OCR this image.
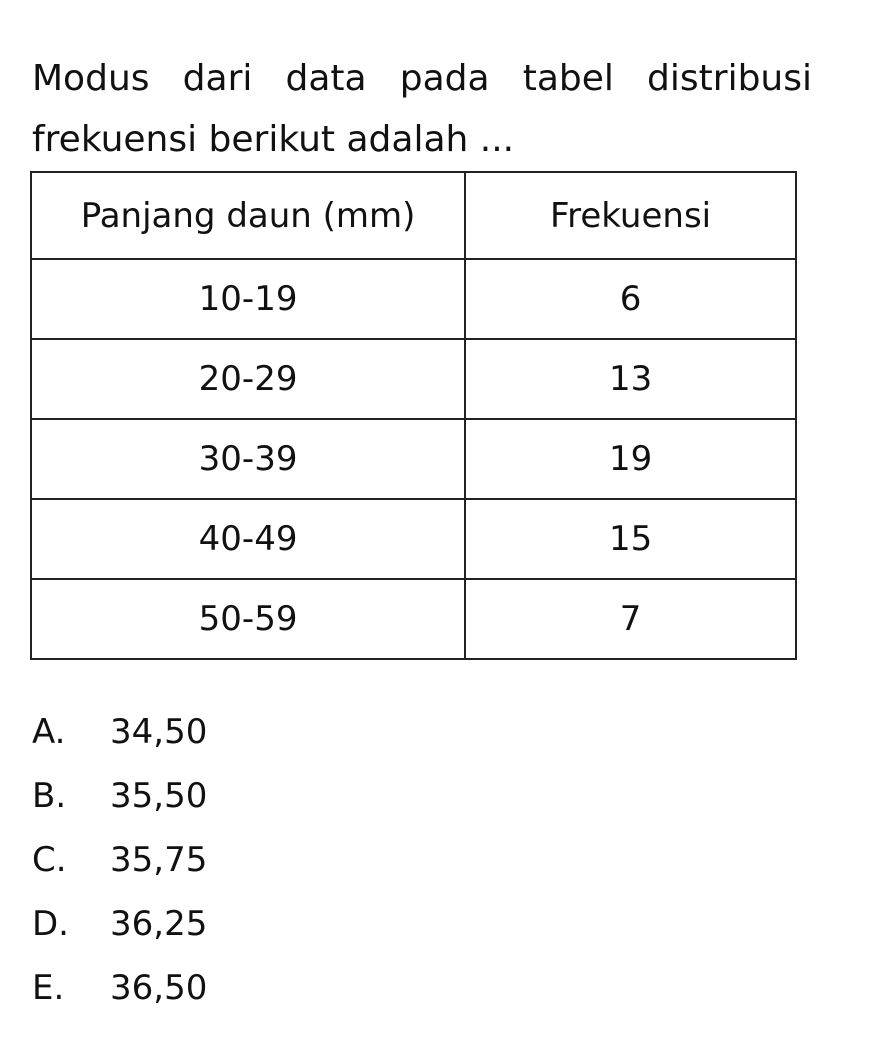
Modus dari data pada tabel distribusi
frekuensi berikut adalah ...

Panjang daun (mm)	Frekuensi
10-19	6
20-29	13
30-39	19
40-49	15
50-59	7
A.	34,50
B.	35,50
C.	35,75
D.	36,25
E.	36,50
